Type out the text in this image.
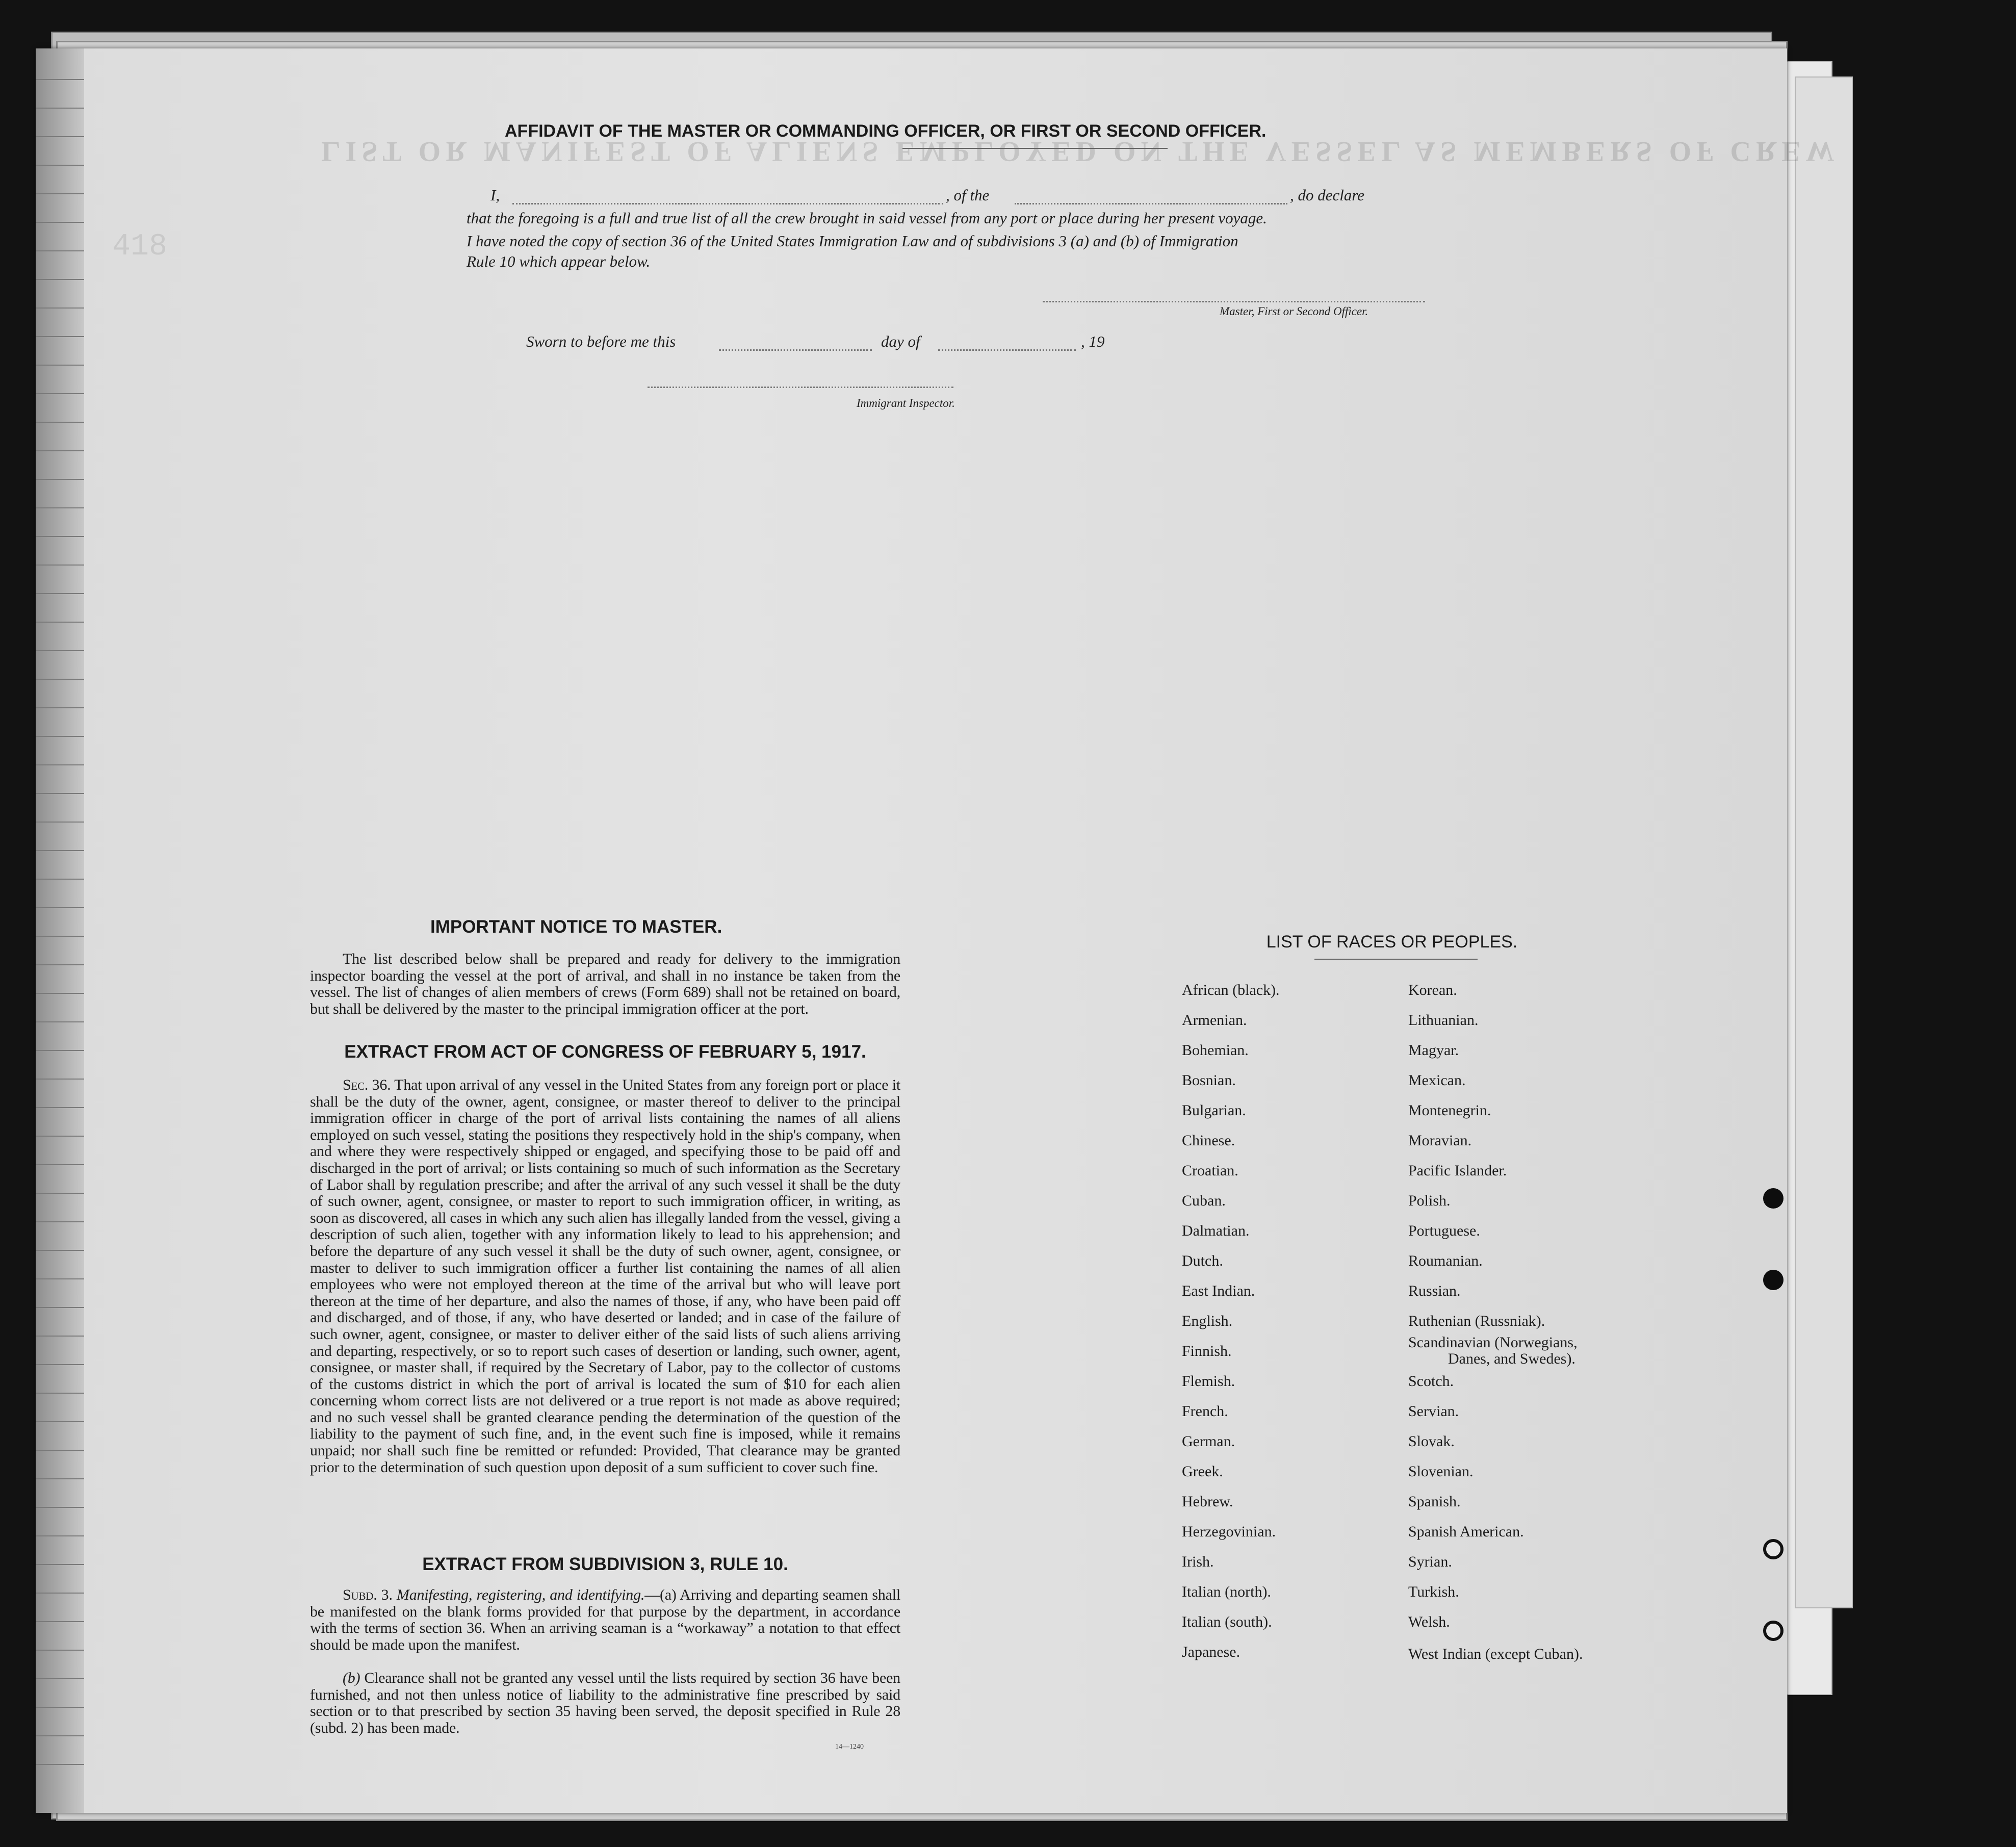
LIST OR MANIFEST OF ALIENS EMPLOYED ON THE VESSEL AS MEMBERS OF CREW
418
AFFIDAVIT OF THE MASTER OR COMMANDING OFFICER, OR FIRST OR SECOND OFFICER.
I,	, of the	, do declare
that the foregoing is a full and true list of all the crew brought in said vessel from any port or place during her present voyage.
I have noted the copy of section 36 of the United States Immigration Law and of subdivisions 3 (a) and (b) of Immigration
Rule 10 which appear below.
Master, First or Second Officer.
Sworn to before me this	day of	, 19
Immigrant Inspector.
IMPORTANT NOTICE TO MASTER.
The list described below shall be prepared and ready for delivery to the immigration inspector boarding the vessel at the port of arrival, and shall in no instance be taken from the vessel. The list of changes of alien members of crews (Form 689) shall not be retained on board, but shall be delivered by the master to the principal immigration officer at the port.
EXTRACT FROM ACT OF CONGRESS OF FEBRUARY 5, 1917.
Sec. 36. That upon arrival of any vessel in the United States from any foreign port or place it shall be the duty of the owner, agent, consignee, or master thereof to deliver to the principal immigration officer in charge of the port of arrival lists containing the names of all aliens employed on such vessel, stating the positions they respectively hold in the ship's company, when and where they were respectively shipped or engaged, and specifying those to be paid off and discharged in the port of arrival; or lists containing so much of such information as the Secretary of Labor shall by regulation prescribe; and after the arrival of any such vessel it shall be the duty of such owner, agent, consignee, or master to report to such immigration officer, in writing, as soon as discovered, all cases in which any such alien has illegally landed from the vessel, giving a description of such alien, together with any information likely to lead to his apprehension; and before the departure of any such vessel it shall be the duty of such owner, agent, consignee, or master to deliver to such immigration officer a further list containing the names of all alien employees who were not employed thereon at the time of the arrival but who will leave port thereon at the time of her departure, and also the names of those, if any, who have been paid off and discharged, and of those, if any, who have deserted or landed; and in case of the failure of such owner, agent, consignee, or master to deliver either of the said lists of such aliens arriving and departing, respectively, or so to report such cases of desertion or landing, such owner, agent, consignee, or master shall, if required by the Secretary of Labor, pay to the collector of customs of the customs district in which the port of arrival is located the sum of $10 for each alien concerning whom correct lists are not delivered or a true report is not made as above required; and no such vessel shall be granted clearance pending the determination of the question of the liability to the payment of such fine, and, in the event such fine is imposed, while it remains unpaid; nor shall such fine be remitted or refunded: Provided, That clearance may be granted prior to the determination of such question upon deposit of a sum sufficient to cover such fine.
EXTRACT FROM SUBDIVISION 3, RULE 10.
Subd. 3. Manifesting, registering, and identifying.—(a) Arriving and departing seamen shall be manifested on the blank forms provided for that purpose by the department, in accordance with the terms of section 36. When an arriving seaman is a “workaway” a notation to that effect should be made upon the manifest.
(b) Clearance shall not be granted any vessel until the lists required by section 36 have been furnished, and not then unless notice of liability to the administrative fine prescribed by said section or to that prescribed by section 35 having been served, the deposit specified in Rule 28 (subd. 2) has been made.
14—1240
LIST OF RACES OR PEOPLES.
African (black).
Armenian.
Bohemian.
Bosnian.
Bulgarian.
Chinese.
Croatian.
Cuban.
Dalmatian.
Dutch.
East Indian.
English.
Finnish.
Flemish.
French.
German.
Greek.
Hebrew.
Herzegovinian.
Irish.
Italian (north).
Italian (south).
Japanese.
Korean.
Lithuanian.
Magyar.
Mexican.
Montenegrin.
Moravian.
Pacific Islander.
Polish.
Portuguese.
Roumanian.
Russian.
Ruthenian (Russniak).
Scandinavian (Norwegians,
Danes, and Swedes).
Scotch.
Servian.
Slovak.
Slovenian.
Spanish.
Spanish American.
Syrian.
Turkish.
Welsh.
West Indian (except Cuban).
